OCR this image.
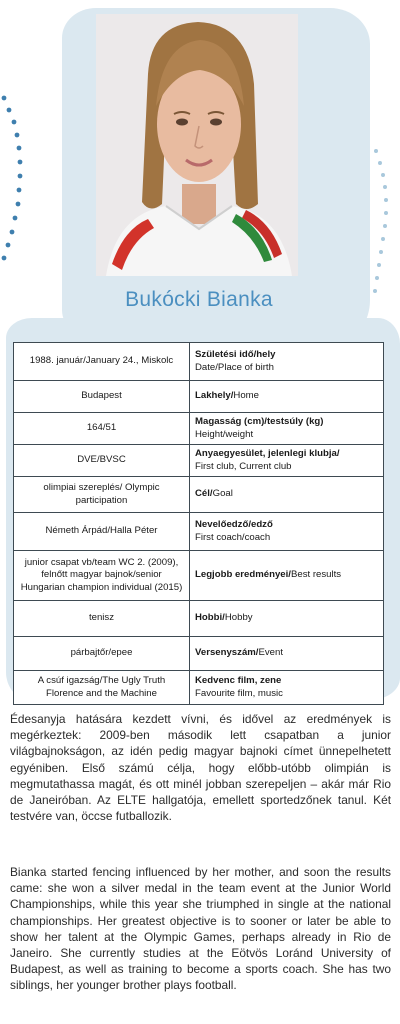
Bukócki Bianka
1988. január/January 24., Miskolc	Születési idő/hely
Date/Place of birth
Budapest	Lakhely/Home
164/51	Magasság (cm)/testsúly (kg)
Height/weight
DVE/BVSC	Anyaegyesület, jelenlegi klubja/
First club, Current club
olimpiai szereplés/ Olympic participation	Cél/Goal
Németh Árpád/Halla Péter	Nevelőedző/edző
First coach/coach
junior csapat vb/team WC 2. (2009), felnőtt magyar bajnok/senior Hungarian champion individual (2015)	Legjobb eredményei/Best results
tenisz	Hobbi/Hobby
párbajtőr/epee	Versenyszám/Event
A csúf igazság/The Ugly Truth Florence and the Machine	Kedvenc film, zene
Favourite film, music
Édesanyja hatására kezdett vívni, és idővel az eredmények is megérkeztek: 2009-ben második lett csapatban a junior világbajnokságon, az idén pedig magyar bajnoki címet ünnepelhetett egyéniben. Első számú célja, hogy előbb-utóbb olimpián is megmutathassa magát, és ott minél jobban szerepeljen – akár már Rio de Janeiróban. Az ELTE hallgatója, emellett sportedzőnek tanul. Két testvére van, öccse futballozik.
Bianka started fencing influenced by her mother, and soon the results came: she won a silver medal in the team event at the Junior World Championships, while this year she triumphed in single at the national championships. Her greatest objective is to sooner or later be able to show her talent at the Olympic Games, perhaps already in Rio de Janeiro. She currently studies at the Eötvös Loránd University of Budapest, as well as training to become a sports coach. She has two siblings, her younger brother plays football.
